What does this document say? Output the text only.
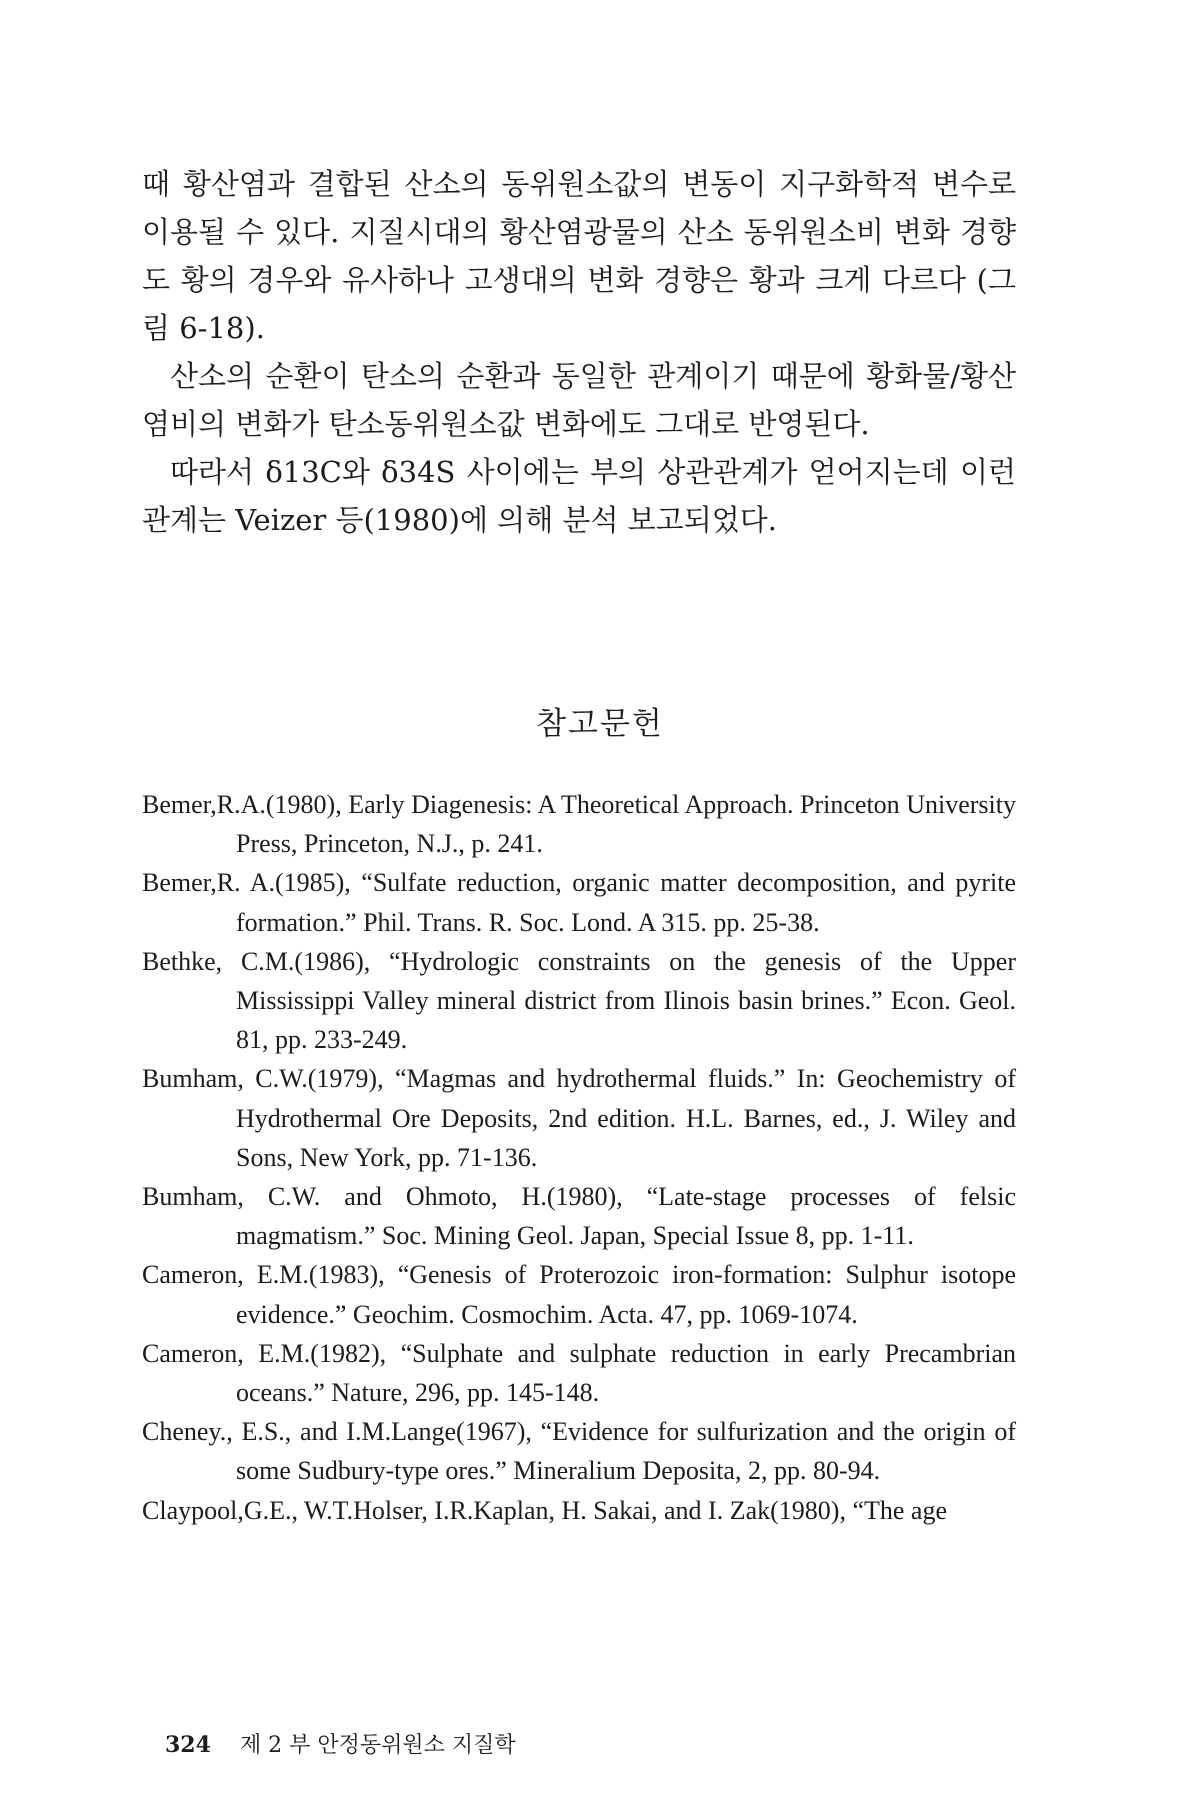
때 황산염과 결합된 산소의 동위원소값의 변동이 지구화학적 변수로 이용될 수 있다. 지질시대의 황산염광물의 산소 동위원소비 변화 경향도 황의 경우와 유사하나 고생대의 변화 경향은 황과 크게 다르다 (그림 6-18).

산소의 순환이 탄소의 순환과 동일한 관계이기 때문에 황화물/황산염비의 변화가 탄소동위원소값 변화에도 그대로 반영된다.

따라서 δ13C와 δ34S 사이에는 부의 상관관계가 얻어지는데 이런 관계는 Veizer 등(1980)에 의해 분석 보고되었다.

참고문헌

Bemer,R.A.(1980), Early Diagenesis: A Theoretical Approach. Princeton University Press, Princeton, N.J., p. 241.

Bemer,R. A.(1985), “Sulfate reduction, organic matter decomposition, and pyrite formation.” Phil. Trans. R. Soc. Lond. A 315. pp. 25-38.

Bethke, C.M.(1986), “Hydrologic constraints on the genesis of the Upper Mississippi Valley mineral district from Ilinois basin brines.” Econ. Geol. 81, pp. 233-249.

Bumham, C.W.(1979), “Magmas and hydrothermal fluids.” In: Geochemistry of Hydrothermal Ore Deposits, 2nd edition. H.L. Barnes, ed., J. Wiley and Sons, New York, pp. 71-136.

Bumham, C.W. and Ohmoto, H.(1980), “Late-stage processes of felsic magmatism.” Soc. Mining Geol. Japan, Special Issue 8, pp. 1-11.

Cameron, E.M.(1983), “Genesis of Proterozoic iron-formation: Sulphur isotope evidence.” Geochim. Cosmochim. Acta. 47, pp. 1069-1074.

Cameron, E.M.(1982), “Sulphate and sulphate reduction in early Precambrian oceans.” Nature, 296, pp. 145-148.

Cheney., E.S., and I.M.Lange(1967), “Evidence for sulfurization and the origin of some Sudbury-type ores.” Mineralium Deposita, 2, pp. 80-94.

Claypool,G.E., W.T.Holser, I.R.Kaplan, H. Sakai, and I. Zak(1980), “The age

324 제 2 부 안정동위원소 지질학
